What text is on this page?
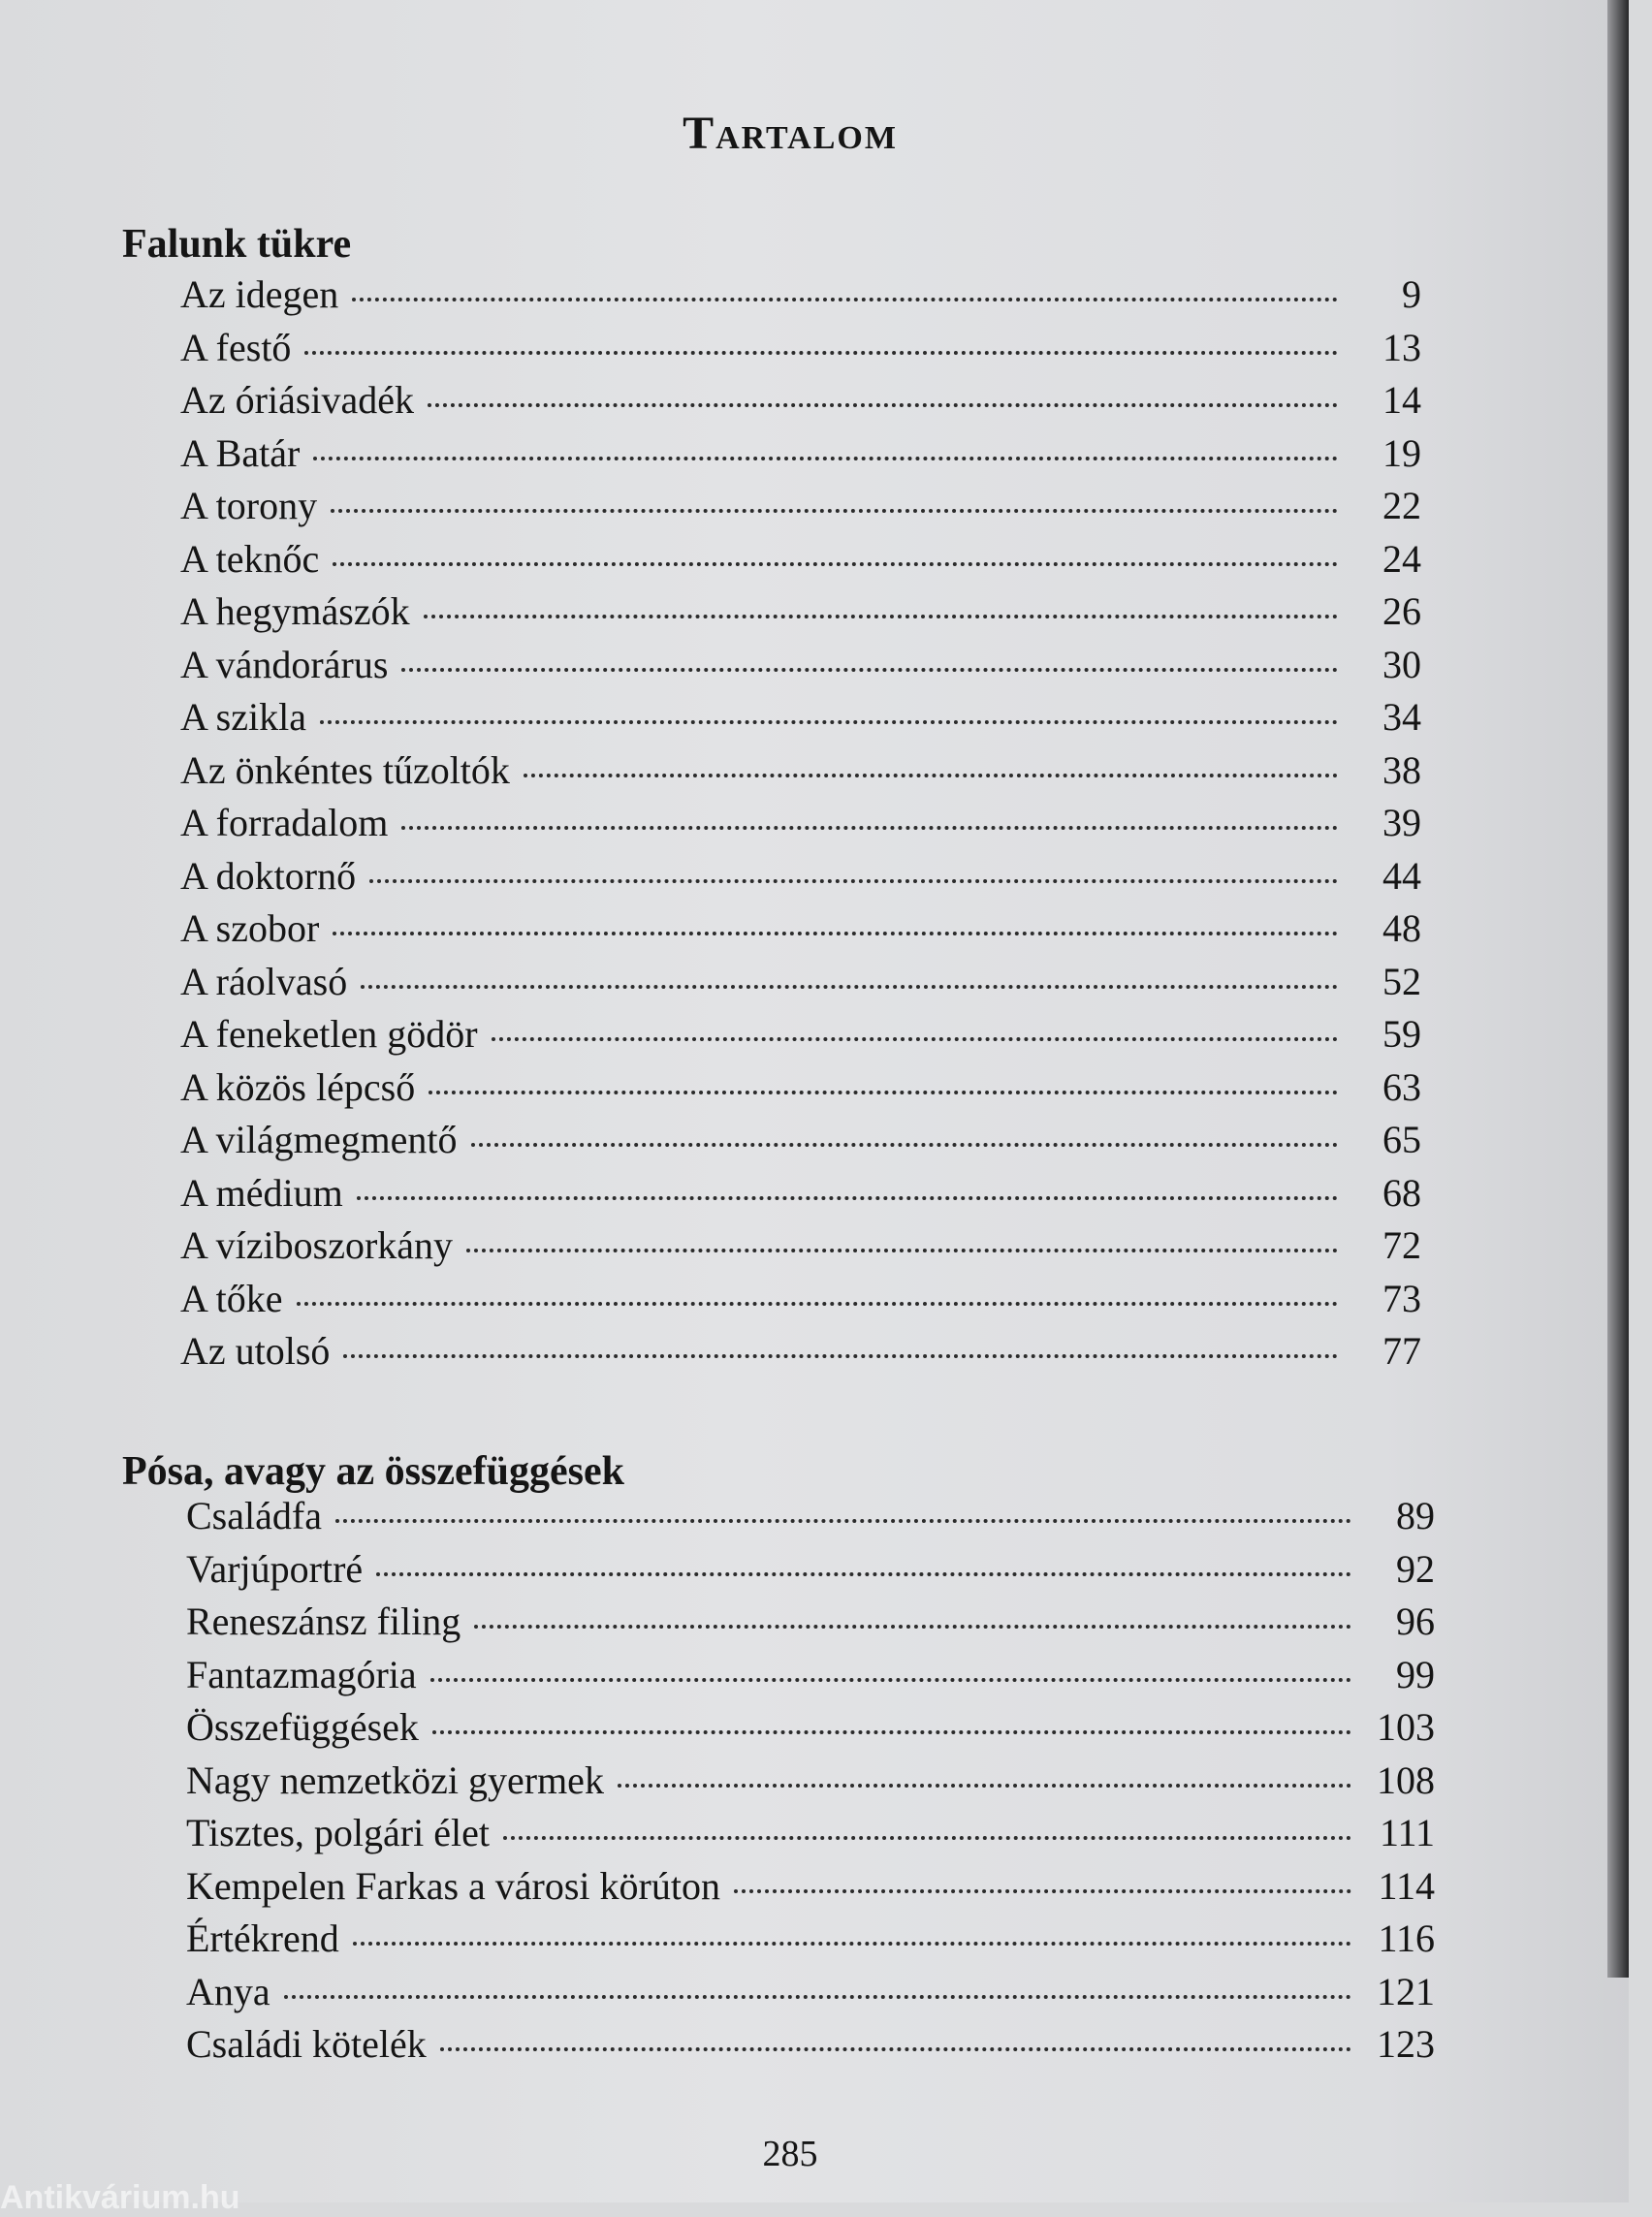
Tartalom
Falunk tükre
Az idegen	9
A festő	13
Az óriásivadék	14
A Batár	19
A torony	22
A teknőc	24
A hegymászók	26
A vándorárus	30
A szikla	34
Az önkéntes tűzoltók	38
A forradalom	39
A doktornő	44
A szobor	48
A ráolvasó	52
A feneketlen gödör	59
A közös lépcső	63
A világmegmentő	65
A médium	68
A víziboszorkány	72
A tőke	73
Az utolsó	77
Pósa, avagy az összefüggések
Családfa	89
Varjúportré	92
Reneszánsz filing	96
Fantazmagória	99
Összefüggések	103
Nagy nemzetközi gyermek	108
Tisztes, polgári élet	111
Kempelen Farkas a városi körúton	114
Értékrend	116
Anya	121
Családi kötelék	123
285
Antikvárium.hu
